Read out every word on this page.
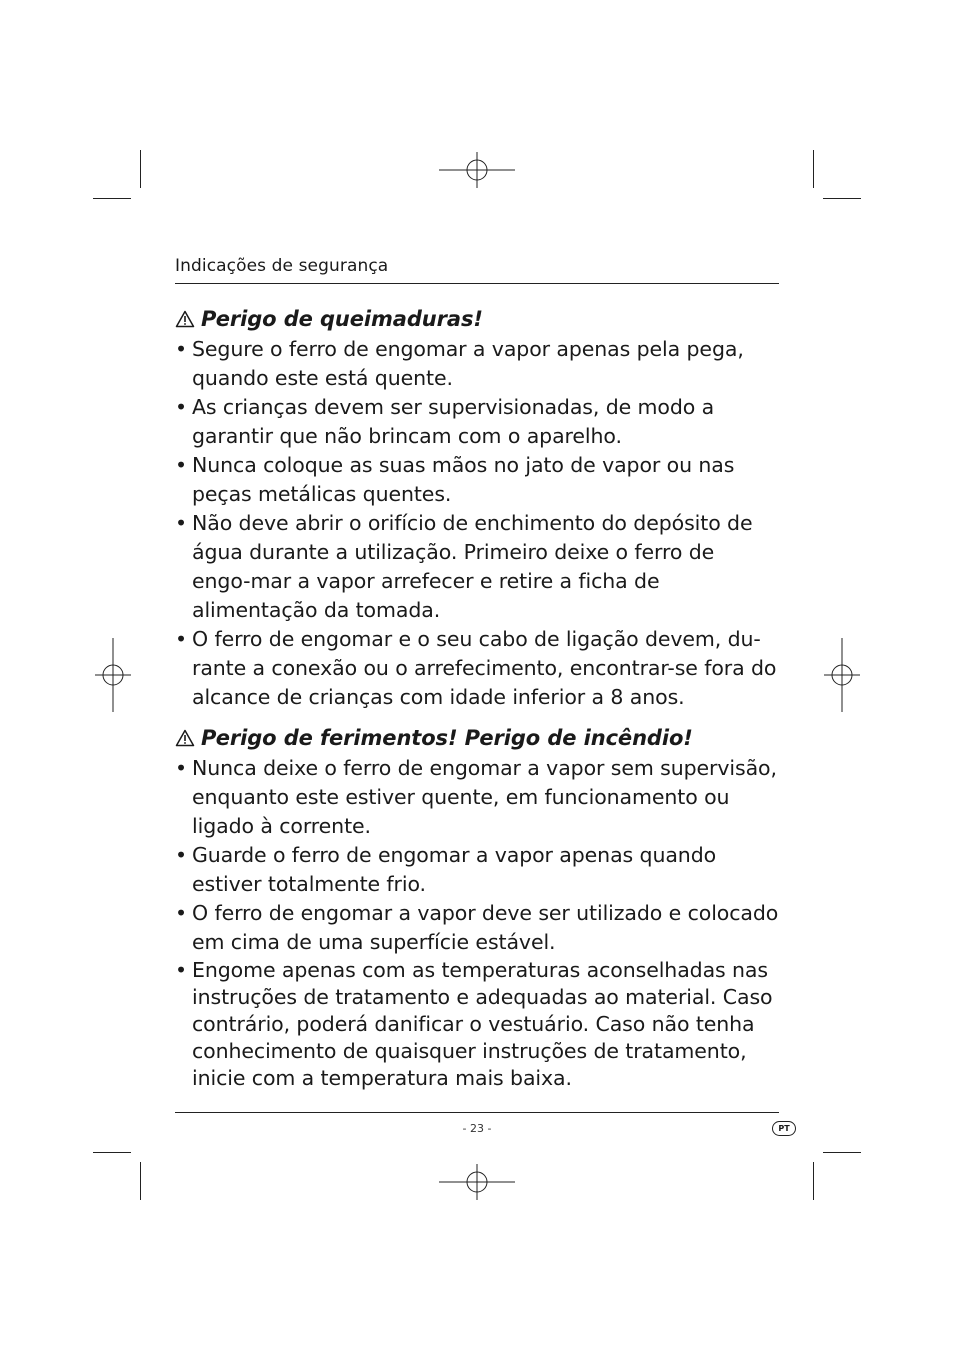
Indicações de segurança
Perigo de queimaduras!
• Segure o ferro de engomar a vapor apenas pela pega, quando este está quente.
• As crianças devem ser supervisionadas, de modo a garantir que não brincam com o aparelho.
• Nunca coloque as suas mãos no jato de vapor ou nas peças metálicas quentes.
• Não deve abrir o orifício de enchimento do depósito de água durante a utilização. Primeiro deixe o ferro de engo-mar a vapor arrefecer e retire a ficha de alimentação da tomada.
• O ferro de engomar e o seu cabo de ligação devem, du-rante a conexão ou o arrefecimento, encontrar-se fora do alcance de crianças com idade inferior a 8 anos.
Perigo de ferimentos! Perigo de incêndio!
• Nunca deixe o ferro de engomar a vapor sem supervisão, enquanto este estiver quente, em funcionamento ou ligado à corrente.
• Guarde o ferro de engomar a vapor apenas quando estiver totalmente frio.
• O ferro de engomar a vapor deve ser utilizado e colocado em cima de uma superfície estável.
• Engome apenas com as temperaturas aconselhadas nas instruções de tratamento e adequadas ao material. Caso contrário, poderá danificar o vestuário. Caso não tenha conhecimento de quaisquer instruções de tratamento, inicie com a temperatura mais baixa.
- 23 -	PT
